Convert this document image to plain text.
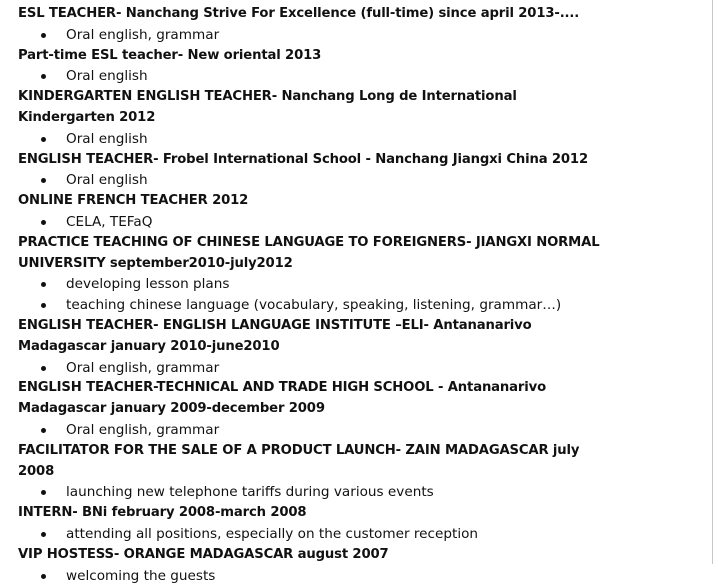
ESL TEACHER- Nanchang Strive For Excellence (full-time) since april 2013-....

Oral english, grammar

Part-time ESL teacher- New oriental 2013

Oral english

KINDERGARTEN ENGLISH TEACHER- Nanchang Long de International Kindergarten 2012

Oral english

ENGLISH TEACHER- Frobel International School - Nanchang Jiangxi China 2012

Oral english

ONLINE FRENCH TEACHER 2012

CELA, TEFaQ

PRACTICE TEACHING OF CHINESE LANGUAGE TO FOREIGNERS- JIANGXI NORMAL UNIVERSITY september2010-july2012

developing lesson plans
teaching chinese language (vocabulary, speaking, listening, grammar…)

ENGLISH TEACHER- ENGLISH LANGUAGE INSTITUTE –ELI- Antananarivo Madagascar january 2010-june2010

Oral english, grammar

ENGLISH TEACHER-TECHNICAL AND TRADE HIGH SCHOOL - Antananarivo Madagascar january 2009-december 2009

Oral english, grammar

FACILITATOR FOR THE SALE OF A PRODUCT LAUNCH- ZAIN MADAGASCAR july 2008

launching new telephone tariffs during various events

INTERN- BNi february 2008-march 2008

attending all positions, especially on the customer reception

VIP HOSTESS- ORANGE MADAGASCAR august 2007

welcoming the guests
